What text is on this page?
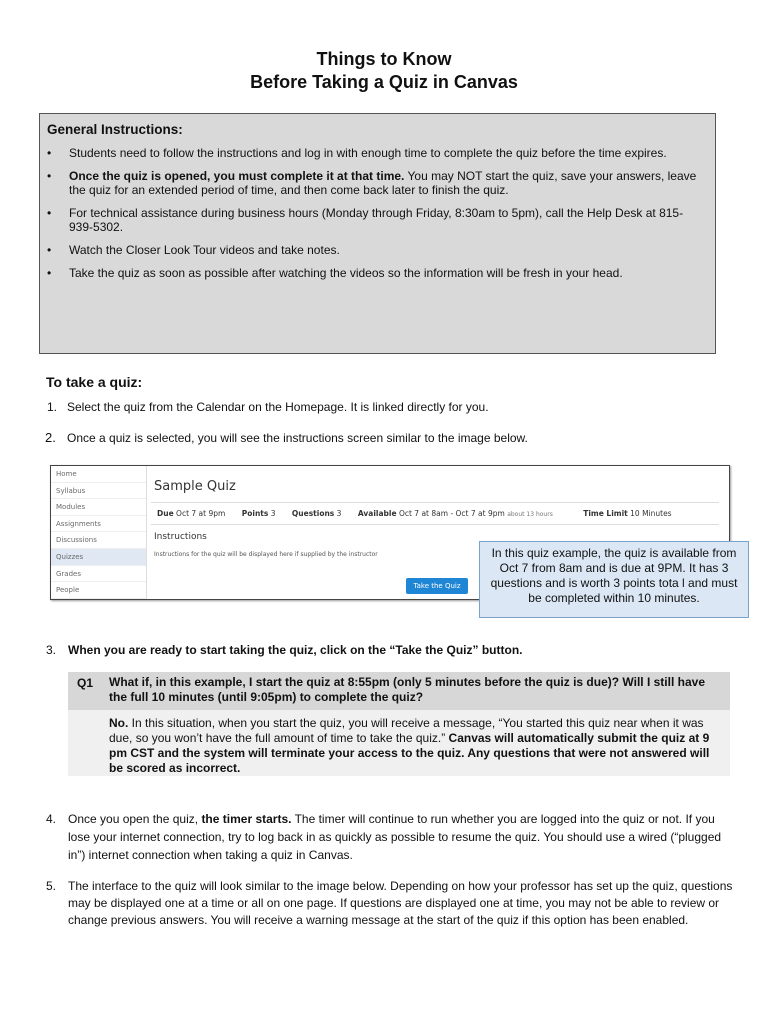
Things to Know
Before Taking a Quiz in Canvas
General Instructions:
• Students need to follow the instructions and log in with enough time to complete the quiz before the time expires.
• Once the quiz is opened, you must complete it at that time. You may NOT start the quiz, save your answers, leave the quiz for an extended period of time, and then come back later to finish the quiz.
• For technical assistance during business hours (Monday through Friday, 8:30am to 5pm), call the Help Desk at 815-939-5302.
• Watch the Closer Look Tour videos and take notes.
• Take the quiz as soon as possible after watching the videos so the information will be fresh in your head.
To take a quiz:
1. Select the quiz from the Calendar on the Homepage. It is linked directly for you.
2. Once a quiz is selected, you will see the instructions screen similar to the image below.
Home
Syllabus
Modules
Assignments
Discussions
Quizzes
Grades
People
Sample Quiz
Due Oct 7 at 9pm Points 3 Questions 3 Available Oct 7 at 8am - Oct 7 at 9pm about 13 hours	Time Limit 10 Minutes
Instructions
Instructions for the quiz will be displayed here if supplied by the instructor
Take the Quiz
In this quiz example, the quiz is available from Oct 7 from 8am and is due at 9PM. It has 3 questions and is worth 3 points tota l and must be completed within 10 minutes.
3. When you are ready to start taking the quiz, click on the “Take the Quiz” button.
Q1 What if, in this example, I start the quiz at 8:55pm (only 5 minutes before the quiz is due)? Will I still have the full 10 minutes (until 9:05pm) to complete the quiz?
No. In this situation, when you start the quiz, you will receive a message, “You started this quiz near when it was due, so you won’t have the full amount of time to take the quiz.” Canvas will automatically submit the quiz at 9 pm CST and the system will terminate your access to the quiz. Any questions that were not answered will be scored as incorrect.
4. Once you open the quiz, the timer starts. The timer will continue to run whether you are logged into the quiz or not. If you lose your internet connection, try to log back in as quickly as possible to resume the quiz. You should use a wired (“plugged in”) internet connection when taking a quiz in Canvas.
5. The interface to the quiz will look similar to the image below. Depending on how your professor has set up the quiz, questions may be displayed one at a time or all on one page. If questions are displayed one at time, you may not be able to review or change previous answers. You will receive a warning message at the start of the quiz if this option has been enabled.
